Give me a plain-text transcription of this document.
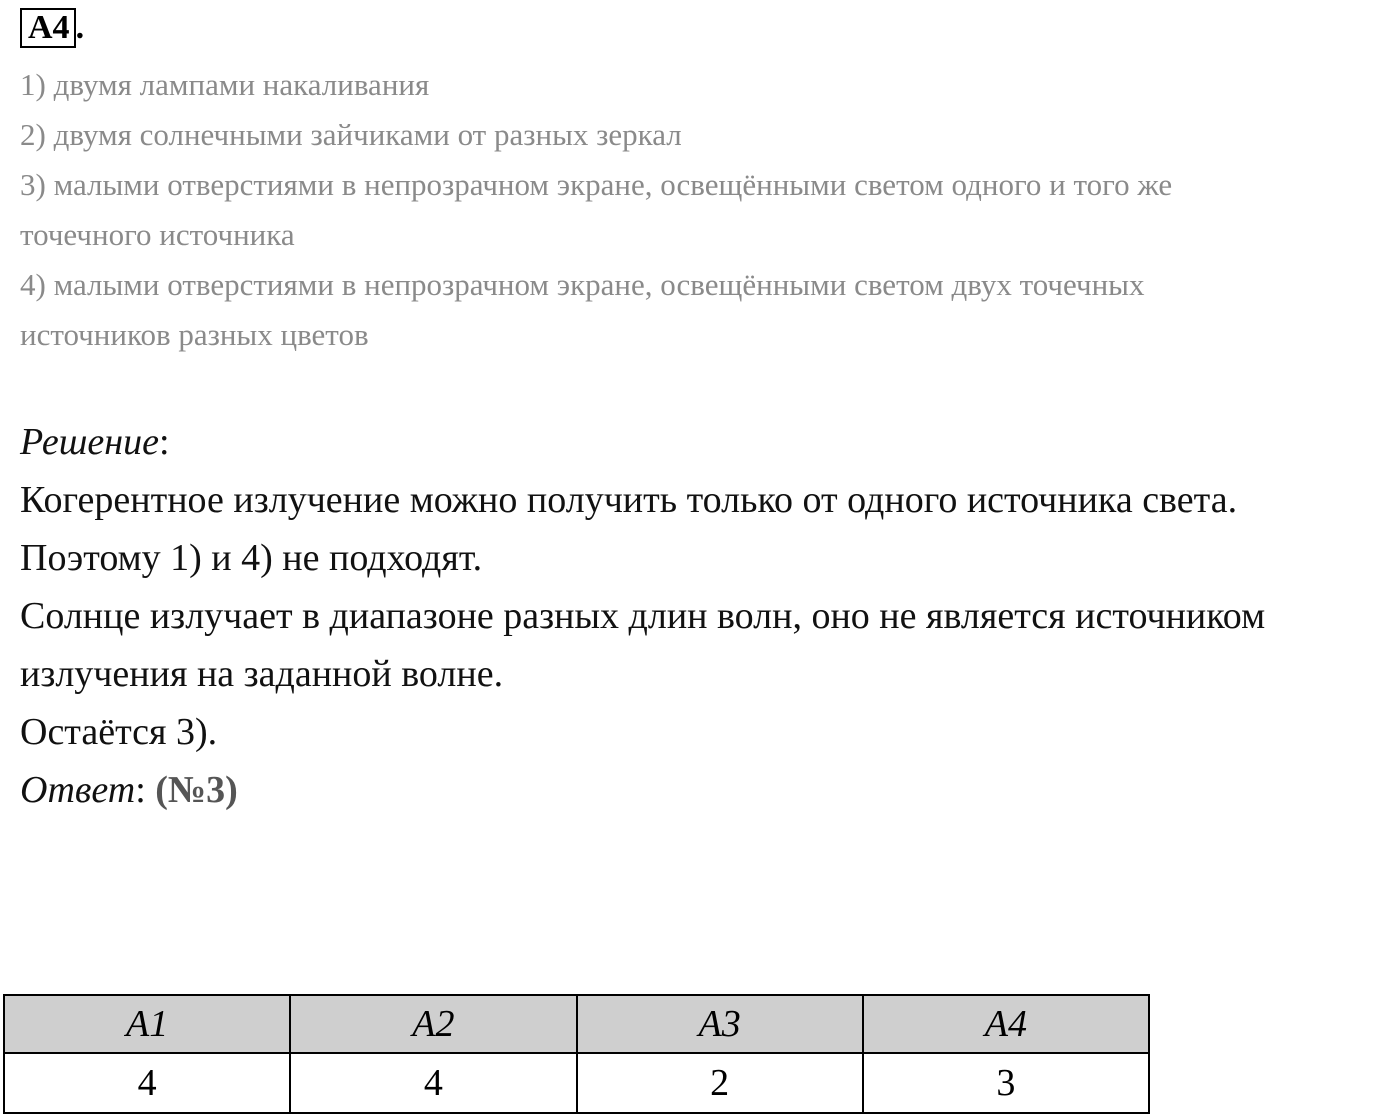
A4 .

1) двумя лампами накаливания

2) двумя солнечными зайчиками от разных зеркал

3) малыми отверстиями в непрозрачном экране, освещёнными светом одного и того же

точечного источника

4) малыми отверстиями в непрозрачном экране, освещёнными светом двух точечных

источников разных цветов

Решение:

Когерентное излучение можно получить только от одного источника света.

Поэтому 1) и 4) не подходят.

Солнце излучает в диапазоне разных длин волн, оно не является источником

излучения на заданной волне.

Остаётся 3).

Ответ: (№3)

A1	A2	A3	A4
4	4	2	3
